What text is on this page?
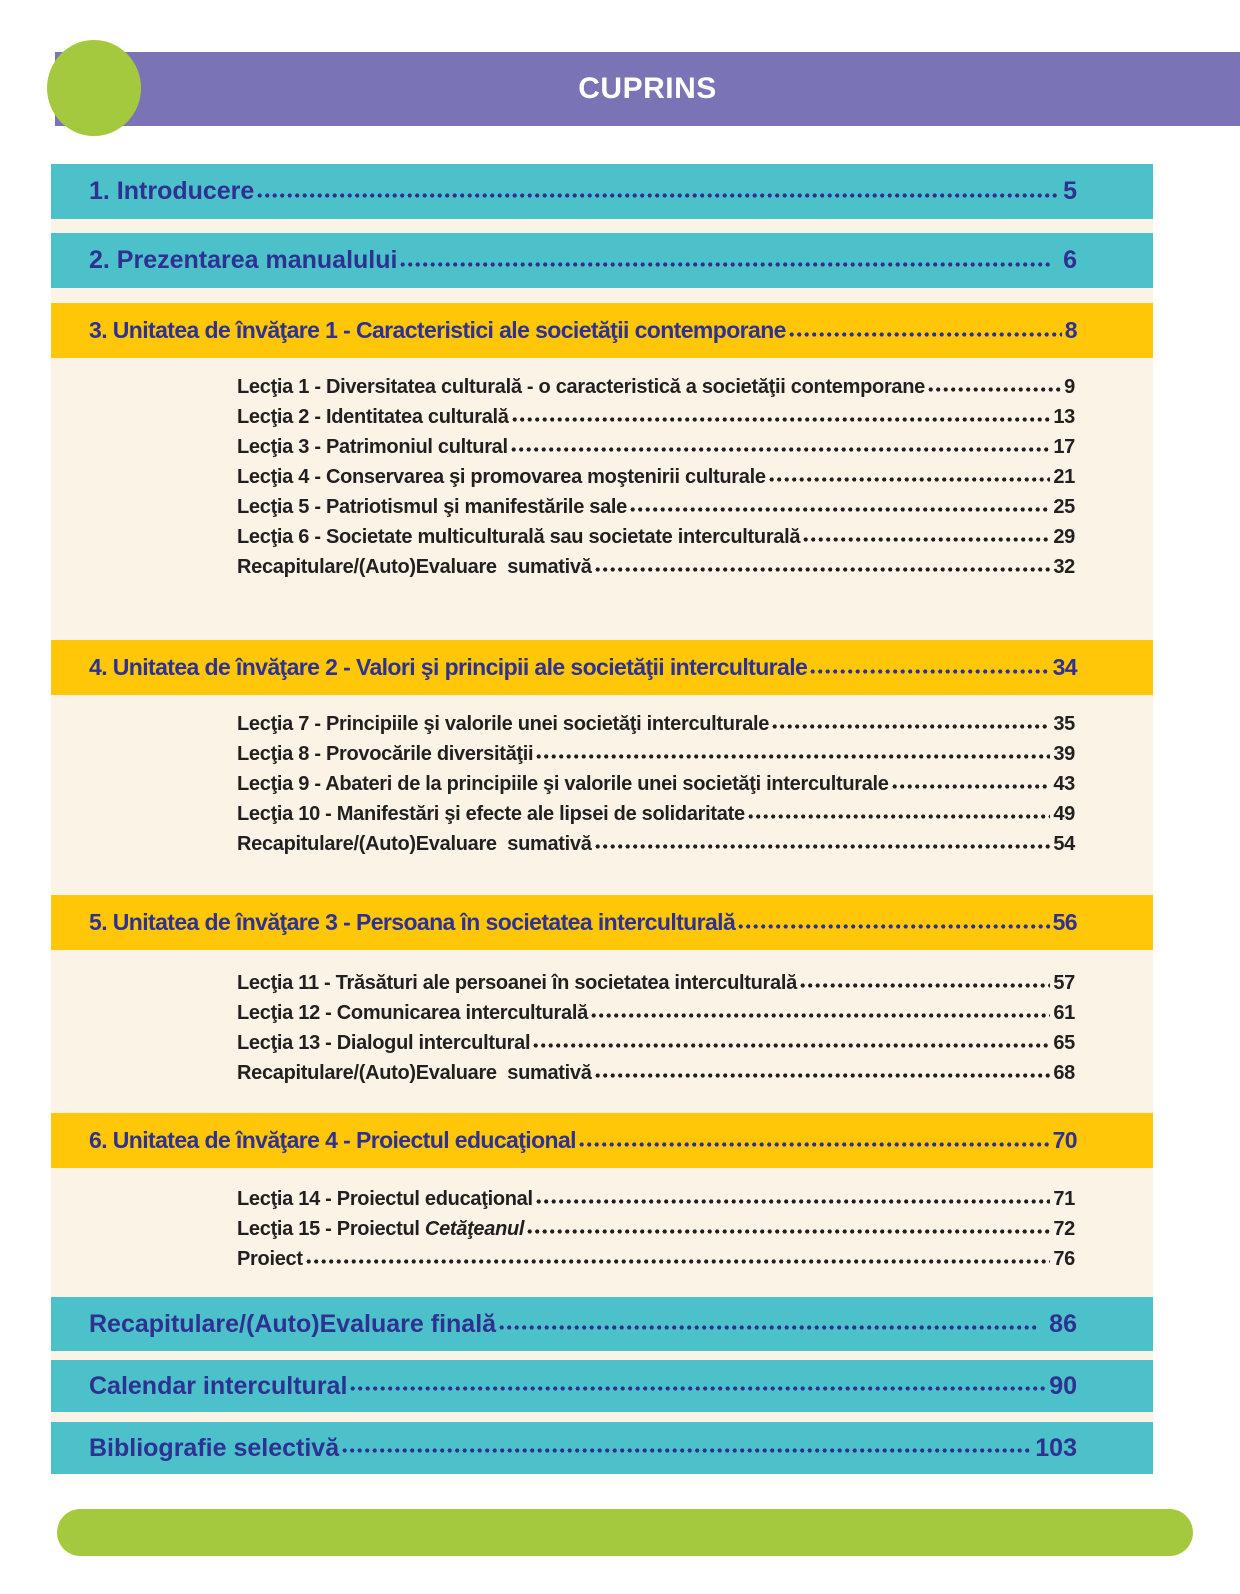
CUPRINS
1. Introducere	5
2. Prezentarea manualului	6
3. Unitatea de învăţare 1 - Caracteristici ale societăţii contemporane	8
Lecţia 1 - Diversitatea culturală - o caracteristică a societăţii contemporane	9
Lecţia 2 - Identitatea culturală	13
Lecţia 3 - Patrimoniul cultural	17
Lecţia 4 - Conservarea şi promovarea moştenirii culturale	21
Lecţia 5 - Patriotismul şi manifestările sale	25
Lecţia 6 - Societate multiculturală sau societate interculturală	29
Recapitulare/(Auto)Evaluare  sumativă	32
4. Unitatea de învăţare 2 - Valori şi principii ale societăţii interculturale	34
Lecţia 7 - Principiile şi valorile unei societăţi interculturale	35
Lecţia 8 - Provocările diversităţii	39
Lecţia 9 - Abateri de la principiile şi valorile unei societăţi interculturale	43
Lecţia 10 - Manifestări şi efecte ale lipsei de solidaritate	49
Recapitulare/(Auto)Evaluare  sumativă	54
5. Unitatea de învăţare 3 - Persoana în societatea interculturală	56
Lecţia 11 - Trăsături ale persoanei în societatea interculturală	57
Lecţia 12 - Comunicarea interculturală	61
Lecţia 13 - Dialogul intercultural	65
Recapitulare/(Auto)Evaluare  sumativă	68
6. Unitatea de învăţare 4 - Proiectul educaţional	70
Lecţia 14 - Proiectul educaţional	71
Lecţia 15 - Proiectul Cetăţeanul	72
Proiect	76
Recapitulare/(Auto)Evaluare finală	86
Calendar intercultural	90
Bibliografie selectivă	103
